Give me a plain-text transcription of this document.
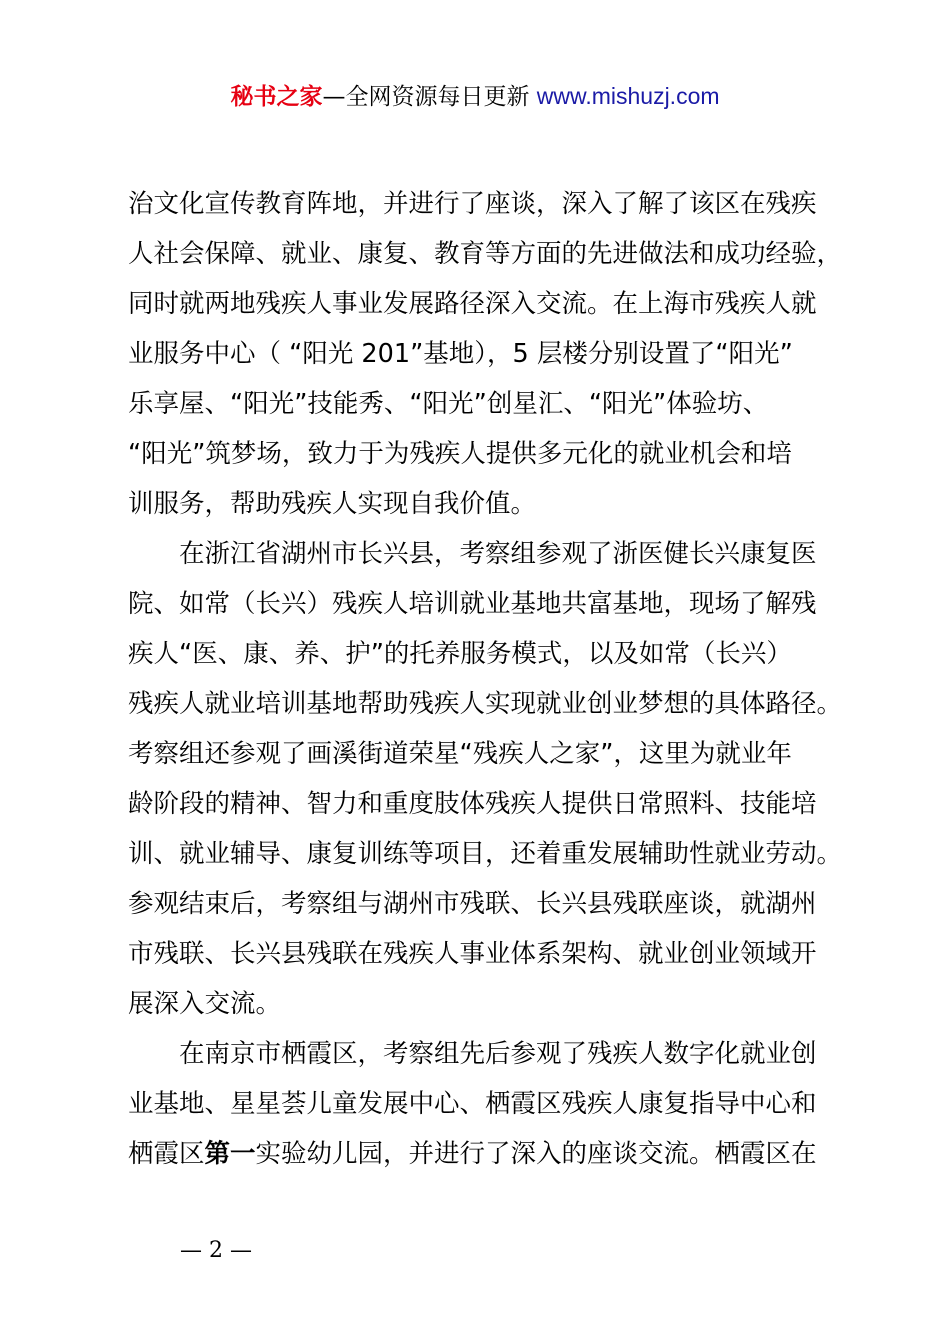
秘书之家—全网资源每日更新 www.mishuzj.com
治文化宣传教育阵地，并进行了座谈，深入了解了该区在残疾
人社会保障、就业、康复、教育等方面的先进做法和成功经验，
同时就两地残疾人事业发展路径深入交流。在上海市残疾人就
业服务中心（ “阳光 201”基地），5 层楼分别设置了“阳光”
乐享屋、“阳光”技能秀、“阳光”创星汇、“阳光”体验坊、
“阳光”筑梦场，致力于为残疾人提供多元化的就业机会和培
训服务，帮助残疾人实现自我价值。
　　在浙江省湖州市长兴县，考察组参观了浙医健长兴康复医
院、如常（长兴）残疾人培训就业基地共富基地，现场了解残
疾人“医、康、养、护”的托养服务模式，以及如常（长兴）
残疾人就业培训基地帮助残疾人实现就业创业梦想的具体路径。
考察组还参观了画溪街道荣星“残疾人之家”，这里为就业年
龄阶段的精神、智力和重度肢体残疾人提供日常照料、技能培
训、就业辅导、康复训练等项目，还着重发展辅助性就业劳动。
参观结束后，考察组与湖州市残联、长兴县残联座谈，就湖州
市残联、长兴县残联在残疾人事业体系架构、就业创业领域开
展深入交流。
　　在南京市栖霞区，考察组先后参观了残疾人数字化就业创
业基地、星星荟儿童发展中心、栖霞区残疾人康复指导中心和
栖霞区第一实验幼儿园，并进行了深入的座谈交流。栖霞区在
— 2 —
